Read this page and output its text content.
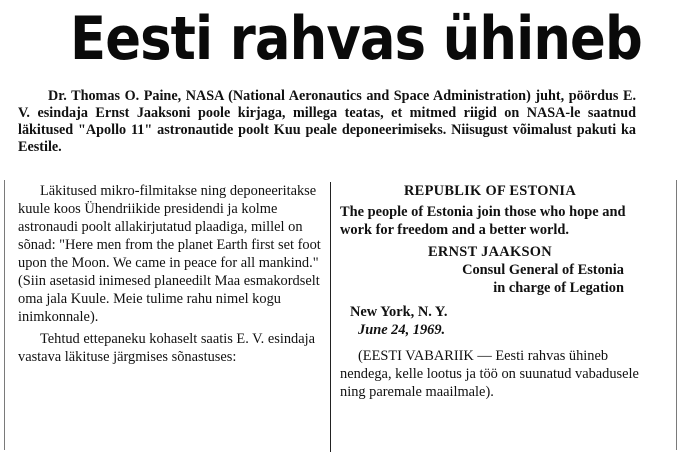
Eesti rahvas ühineb

Dr. Thomas O. Paine, NASA (National Aeronautics and Space Administration) juht, pöördus E. V. esindaja Ernst Jaaksoni poole kirjaga, millega teatas, et mitmed riigid on NASA-le saatnud läkitused "Apollo 11" astronautide poolt Kuu peale deponeerimiseks. Niisugust võimalust pakuti ka Eestile.

Läkitused mikro-filmitakse ning deponeeritakse kuule koos Ühendriikide presidendi ja kolme astronaudi poolt allakirjutatud plaadiga, millel on sõnad: "Here men from the planet Earth first set foot upon the Moon. We came in peace for all mankind." (Siin asetasid inimesed planeedilt Maa esmakordselt oma jala Kuule. Meie tulime rahu nimel kogu inimkonnale).

Tehtud ettepaneku kohaselt saatis E. V. esindaja vastava läkituse järgmises sõnastuses:

REPUBLIK OF ESTONIA
The people of Estonia join those who hope and work for freedom and a better world.
ERNST JAAKSON
Consul General of Estonia
in charge of Legation
New York, N. Y.
June 24, 1969.
(EESTI VABARIIK — Eesti rahvas ühineb nendega, kelle lootus ja töö on suunatud vabadusele ning paremale maailmale).
